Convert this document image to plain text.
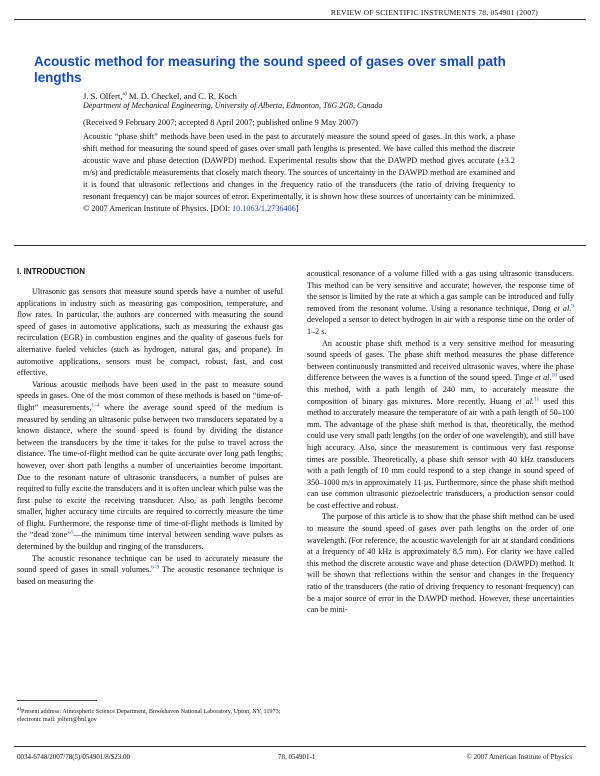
REVIEW OF SCIENTIFIC INSTRUMENTS 78, 054901 (2007)
Acoustic method for measuring the sound speed of gases over small path lengths
J. S. Olfert,$^{a)}$ M. D. Checkel, and C. R. Koch
Department of Mechanical Engineering, University of Alberta, Edmonton, T6G 2G8, Canada
(Received 9 February 2007; accepted 8 April 2007; published online 9 May 2007)

Acoustic “phase shift” methods have been used in the past to accurately measure the sound speed of gases. In this work, a phase shift method for measuring the sound speed of gases over small path lengths is presented. We have called this method the discrete acoustic wave and phase detection (DAWPD) method. Experimental results show that the DAWPD method gives accurate (±3.2 m/s) and predictable measurements that closely match theory. The sources of uncertainty in the DAWPD method are examined and it is found that ultrasonic reflections and changes in the frequency ratio of the transducers (the ratio of driving frequency to resonant frequency) can be major sources of error. Experimentally, it is shown how these sources of uncertainty can be minimized. © 2007 American Institute of Physics. [DOI: 10.1063/1.2736406]

I. INTRODUCTION

Ultrasonic gas sensors that measure sound speeds have a number of useful applications in industry such as measuring gas composition, temperature, and flow rates. In particular, the authors are concerned with measuring the sound speed of gases in automotive applications, such as measuring the exhaust gas recirculation (EGR) in combustion engines and the quality of gaseous fuels for alternative fueled vehicles (such as hydrogen, natural gas, and propane). In automotive applications, sensors must be compact, robust, fast, and cost effective.

Various acoustic methods have been used in the past to measure sound speeds in gases. One of the most common of these methods is based on “time-of-flight” measurements,$^{1-4}$ where the average sound speed of the medium is measured by sending an ultrasonic pulse between two transducers separated by a known distance, where the sound speed is found by dividing the distance between the transducers by the time it takes for the pulse to travel across the distance. The time-of-flight method can be quite accurate over long path lengths; however, over short path lengths a number of uncertainties become important. Due to the resonant nature of ultrasonic transducers, a number of pulses are required to fully excite the transducers and it is often unclear which pulse was the first pulse to excite the receiving transducer. Also, as path lengths become smaller, higher accuracy time circuits are required to correctly measure the time of flight. Furthermore, the response time of time-of-flight methods is limited by the “dead zone”$^5$—the minimum time interval between sending wave pulses as determined by the buildup and ringing of the transducers.

The acoustic resonance technique can be used to accurately measure the sound speed of gases in small volumes.$^{6-9}$ The acoustic resonance technique is based on measuring the

acoustical resonance of a volume filled with a gas using ultrasonic transducers. This method can be very sensitive and accurate; however, the response time of the sensor is limited by the rate at which a gas sample can be introduced and fully removed from the resonant volume. Using a resonance technique, Dong et al.$^9$ developed a sensor to detect hydrogen in air with a response time on the order of 1–2 s.

An acoustic phase shift method is a very sensitive method for measuring sound speeds of gases. The phase shift method measures the phase difference between continuously transmitted and received ultrasonic waves, where the phase difference between the waves is a function of the sound speed. Tinge et al.$^{10}$ used this method, with a path length of 240 mm, to accurately measure the composition of binary gas mixtures. More recently, Huang et al.$^{11}$ used this method to accurately measure the temperature of air with a path length of 50–100 mm. The advantage of the phase shift method is that, theoretically, the method could use very small path lengths (on the order of one wavelength), and still have high accuracy. Also, since the measurement is continuous very fast response times are possible. Theoretically, a phase shift sensor with 40 kHz transducers with a path length of 10 mm could respond to a step change in sound speed of 350–1000 m/s in approximately 11 µs. Furthermore, since the phase shift method can use common ultrasonic piezoelectric transducers, a production sensor could be cost effective and robust.

The purpose of this article is to show that the phase shift method can be used to measure the sound speed of gases over path lengths on the order of one wavelength. (For reference, the acoustic wavelength for air at standard conditions at a frequency of 40 kHz is approximately 8.5 mm). For clarity we have called this method the discrete acoustic wave and phase detection (DAWPD) method. It will be shown that reflections within the sensor and changes in the frequency ratio of the transducers (the ratio of driving frequency to resonant frequency) can be a major source of error in the DAWPD method. However, these uncertainties can be mini-

$^{a)}$Present address: Atmospheric Science Department, Brookhaven National Laboratory, Upton, NY, 11973; electronic mail: jolfert@bnl.gov
0034-6748/2007/78(5)/054901/8/$23.00	78, 054901-1	© 2007 American Institute of Physics
